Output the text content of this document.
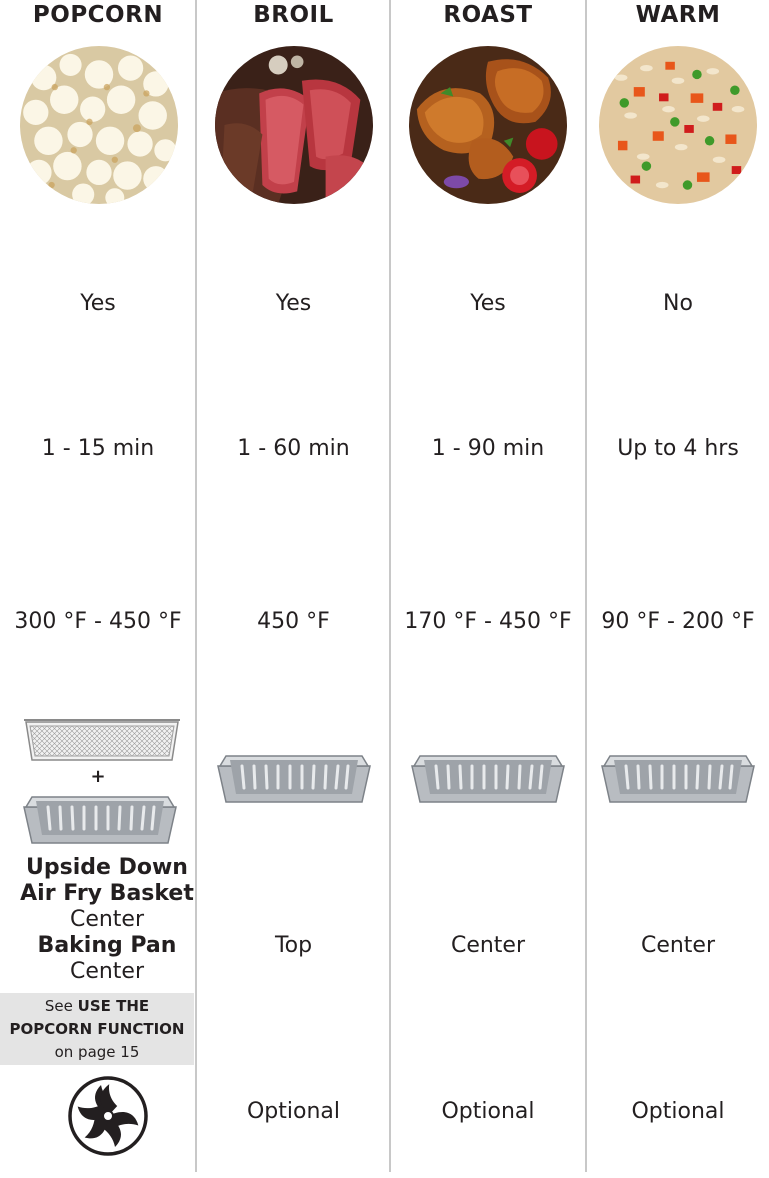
POPCORN
Yes
1 - 15 min
300 °F - 450 °F
+
Upside Down
Air Fry Basket
Center
Baking Pan
Center
See USE THE
POPCORN FUNCTION
on page 15
BROIL
Yes
1 - 60 min
450 °F
Top
Optional
ROAST
Yes
1 - 90 min
170 °F - 450 °F
Center
Optional
WARM
No
Up to 4 hrs
90 °F - 200 °F
Center
Optional
